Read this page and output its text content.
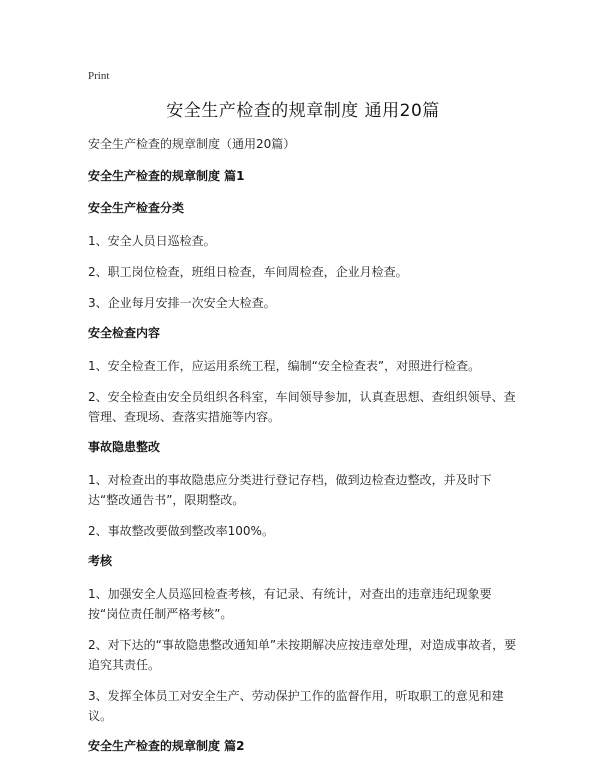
Print
安全生产检查的规章制度 通用20篇
安全生产检查的规章制度（通用20篇）
安全生产检查的规章制度 篇1
安全生产检查分类
1、安全人员日巡检查。
2、职工岗位检查，班组日检查，车间周检查，企业月检查。
3、企业每月安排一次安全大检查。
安全检查内容
1、安全检查工作，应运用系统工程，编制“安全检查表”，对照进行检查。
2、安全检查由安全员组织各科室，车间领导参加，认真查思想、查组织领导、查管理、查现场、查落实措施等内容。
事故隐患整改
1、对检查出的事故隐患应分类进行登记存档，做到边检查边整改，并及时下达“整改通告书”，限期整改。
2、事故整改要做到整改率100%。
考核
1、加强安全人员巡回检查考核，有记录、有统计，对查出的违章违纪现象要按“岗位责任制严格考核”。
2、对下达的“事故隐患整改通知单”未按期解决应按违章处理，对造成事故者，要追究其责任。
3、发挥全体员工对安全生产、劳动保护工作的监督作用，听取职工的意见和建议。
安全生产检查的规章制度 篇2
